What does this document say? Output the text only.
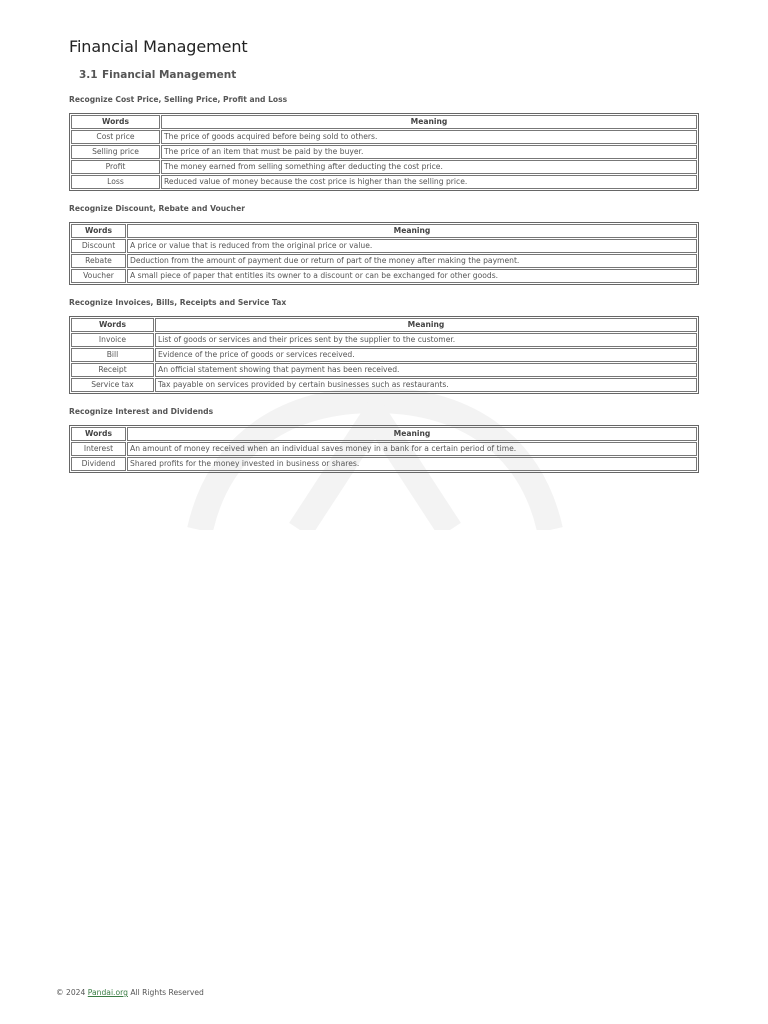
Financial Management
3.1 Financial Management
Recognize Cost Price, Selling Price, Profit and Loss
Words	Meaning
Cost price	The price of goods acquired before being sold to others.
Selling price	The price of an item that must be paid by the buyer.
Profit	The money earned from selling something after deducting the cost price.
Loss	Reduced value of money because the cost price is higher than the selling price.
Recognize Discount, Rebate and Voucher
Words	Meaning
Discount	A price or value that is reduced from the original price or value.
Rebate	Deduction from the amount of payment due or return of part of the money after making the payment.
Voucher	A small piece of paper that entitles its owner to a discount or can be exchanged for other goods.
Recognize Invoices, Bills, Receipts and Service Tax
Words	Meaning
Invoice	List of goods or services and their prices sent by the supplier to the customer.
Bill	Evidence of the price of goods or services received.
Receipt	An official statement showing that payment has been received.
Service tax	Tax payable on services provided by certain businesses such as restaurants.
Recognize Interest and Dividends
Words	Meaning
Interest	An amount of money received when an individual saves money in a bank for a certain period of time.
Dividend	Shared profits for the money invested in business or shares.
© 2024 Pandai.org All Rights Reserved
